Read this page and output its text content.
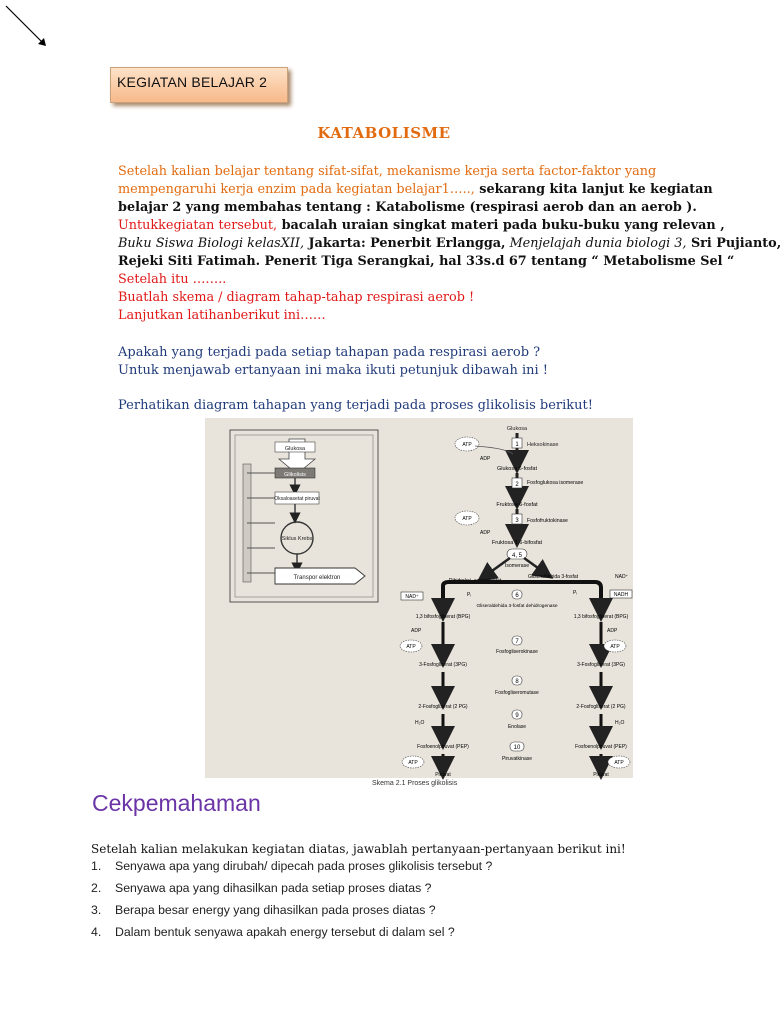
KEGIATAN BELAJAR 2
KATABOLISME
Setelah kalian belajar tentang sifat-sifat, mekanisme kerja serta factor-faktor yang
mempengaruhi kerja enzim pada kegiatan belajar1….., sekarang kita lanjut ke kegiatan
belajar 2 yang membahas tentang : Katabolisme (respirasi aerob dan an aerob ).
Untukkegiatan tersebut, bacalah uraian singkat materi pada buku-buku yang relevan ,
Buku Siswa Biologi kelasXII, Jakarta: Penerbit Erlangga, Menjelajah dunia biologi 3, Sri Pujianto,
Rejeki Siti Fatimah. Penerit Tiga Serangkai, hal 33s.d 67 tentang “ Metabolisme Sel “
Setelah itu ……..
Buatlah skema / diagram tahap-tahap respirasi aerob !
Lanjutkan latihanberikut ini……
Apakah yang terjadi pada setiap tahapan pada respirasi aerob ?
Untuk menjawab ertanyaan ini maka ikuti petunjuk dibawah ini !
Perhatikan diagram tahapan yang terjadi pada proses glikolisis berikut!
Glukosa
Glikolisis
Oksaloasetat piruvat
Siklus Krebs
Transpor elektron
Glukosa
1 Heksokinase
ATP
ADP
Glukosa 6-fosfat
2 Fosfoglukosa isomerase
Fruktosa 6-fosfat
3 Fosfofruktokinase
ATP
ADP
Fruktosa 1,6-bifosfat
4, 5
Isomerase
Dihidroksi- asetonfosfat
Gliseraldehida 3-fosfat
NAD⁺	NADH
NAD⁺
Pᵢ	Pᵢ
6
Gliseraldehida 3-fosfat dehidrogenase
1,3 bifosfogliserat (BPG)
ATP
ADP
3-Fosfogliserat (3PG)
2-Fosfogliserat (2 PG)
H₂O
Fosfoenolpiruvat (PEP)
ATP
Piruvat
1,3 bifosfogliserat (BPG)
ATP
ADP
3-Fosfogliserat (3PG)
2-Fosfogliserat (2 PG)
H₂O
Fosfoenolpiruvat (PEP)
ATP
Piruvat
7
Fosfogliserokinase
8
Fosfogliseromutase
9
Enolase
10
Piruvatkinase
Skema 2.1 Proses glikolisis
Cekpemahaman
Setelah kalian melakukan kegiatan diatas, jawablah pertanyaan-pertanyaan berikut ini!
1. Senyawa apa yang dirubah/ dipecah pada proses glikolisis tersebut ?
2. Senyawa apa yang dihasilkan pada setiap proses diatas ?
3. Berapa besar energy yang dihasilkan pada proses diatas ?
4. Dalam bentuk senyawa apakah energy tersebut di dalam sel ?
